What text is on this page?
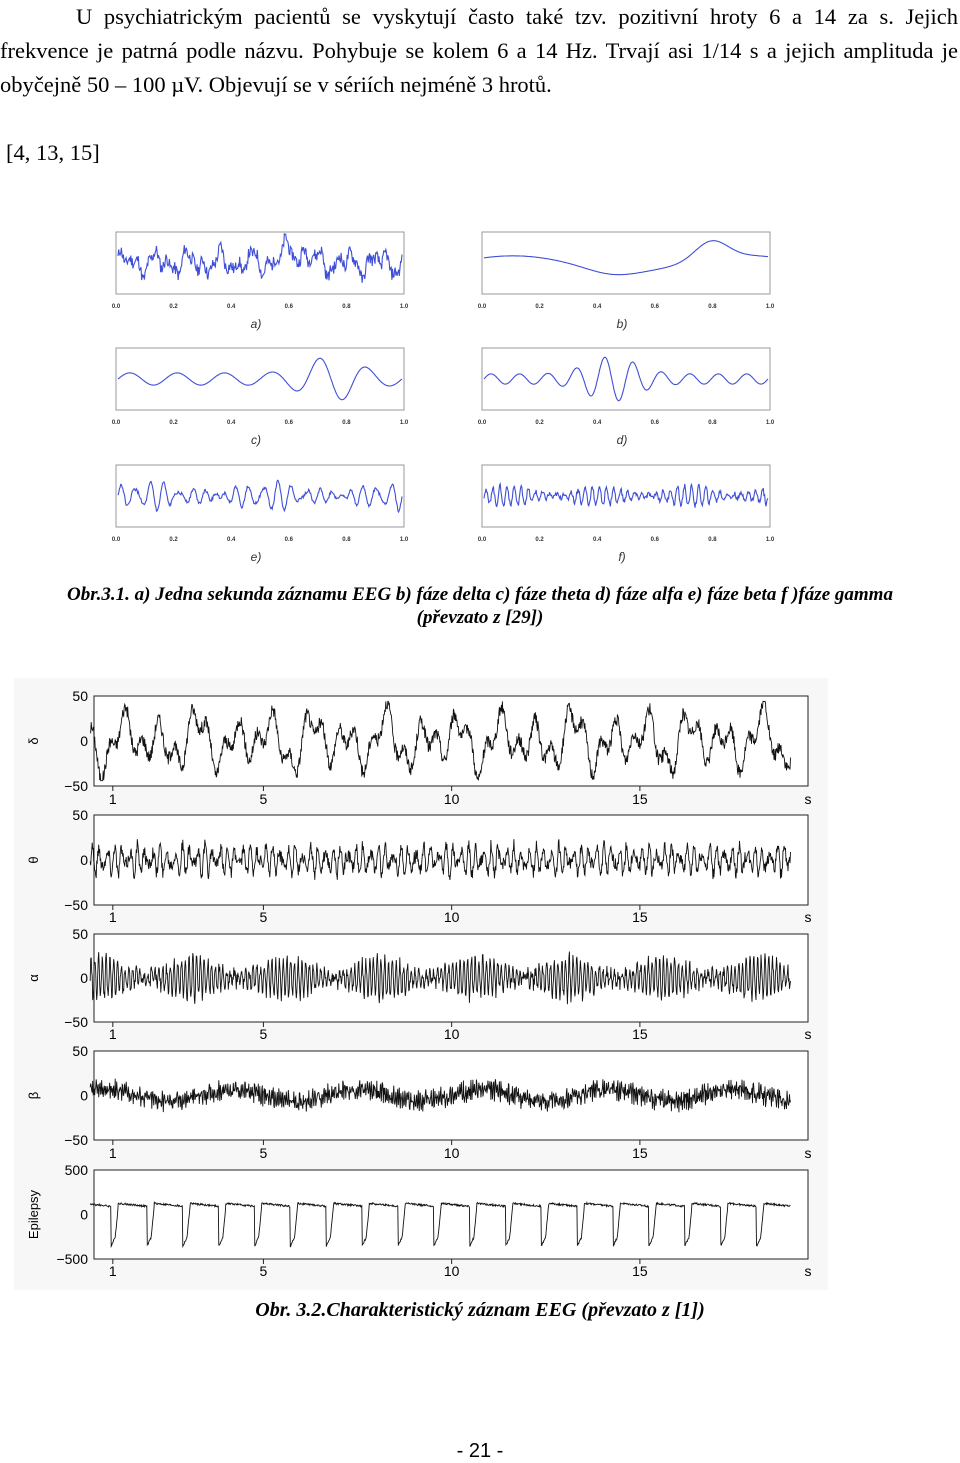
U psychiatrickým pacientů se vyskytují často také tzv. pozitivní hroty 6 a 14 za s. Jejich frekvence je patrná podle názvu. Pohybuje se kolem 6 a 14 Hz. Trvají asi 1/14 s a jejich amplituda je obyčejně 50 – 100 µV. Objevují se v sériích nejméně 3 hrotů.

[4, 13, 15]

0.0	0.2	0.4	0.6	0.8	1.0
a)
0.0	0.2	0.4	0.6	0.8	1.0
b)
0.0	0.2	0.4	0.6	0.8	1.0
c)
0.0	0.2	0.4	0.6	0.8	1.0
d)
0.0	0.2	0.4	0.6	0.8	1.0
e)
0.0	0.2	0.4	0.6	0.8	1.0
f)
Obr.3.1. a) Jedna sekunda záznamu EEG b) fáze delta c) fáze theta d) fáze alfa e) fáze beta f )fáze gamma
(převzato z [29])
50
0
−50
δ
1	5	10	15	s
50
0
−50
θ
1	5	10	15	s
50
0
−50
α
1	5	10	15	s
50
0
−50
β
1	5	10	15	s
500
0
−500
Epilepsy
1	5	10	15	s
Obr. 3.2.Charakteristický záznam EEG (převzato z [1])
- 21 -
